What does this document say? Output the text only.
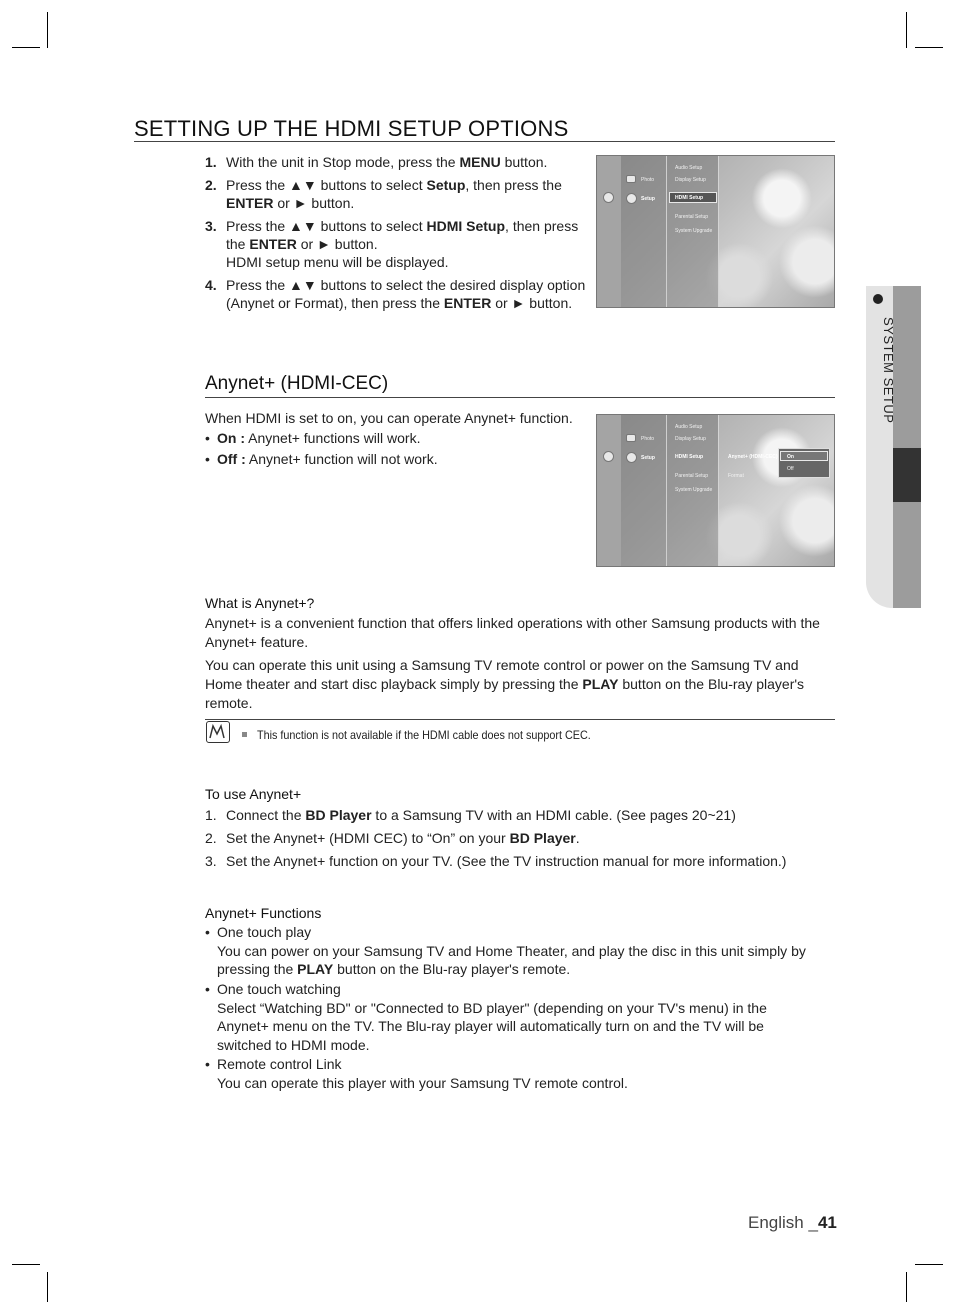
SETTING UP THE HDMI SETUP OPTIONS
1. With the unit in Stop mode, press the MENU button.
2. Press the ▲▼ buttons to select Setup, then press the ENTER or ► button.
3. Press the ▲▼ buttons to select HDMI Setup, then press the ENTER or ► button.
HDMI setup menu will be displayed.
4. Press the ▲▼ buttons to select the desired display option (Anynet or Format), then press the ENTER or ► button.
Photo
Setup
Audio Setup
Display Setup
HDMI Setup
Parental Setup
System Upgrade
Anynet+ (HDMI-CEC)
When HDMI is set to on, you can operate Anynet+ function.
• On : Anynet+ functions will work.
• Off : Anynet+ function will not work.
Photo
Setup
Audio Setup
Display Setup
HDMI Setup
Parental Setup
System Upgrade
Anynet+ (HDMI-CEC)
Format
On
Off
What is Anynet+?
Anynet+ is a convenient function that offers linked operations with other Samsung products with the Anynet+ feature.
You can operate this unit using a Samsung TV remote control or power on the Samsung TV and Home theater and start disc playback simply by pressing the PLAY button on the Blu-ray player's remote.
This function is not available if the HDMI cable does not support CEC.
To use Anynet+
1. Connect the BD Player to a Samsung TV with an HDMI cable. (See pages 20~21)
2. Set the Anynet+ (HDMI CEC) to “On” on your BD Player.
3. Set the Anynet+ function on your TV. (See the TV instruction manual for more information.)
Anynet+ Functions
• One touch play
You can power on your Samsung TV and Home Theater, and play the disc in this unit simply by pressing the PLAY button on the Blu-ray player's remote.
• One touch watching
Select “Watching BD" or "Connected to BD player" (depending on your TV's menu) in the Anynet+ menu on the TV. The Blu-ray player will automatically turn on and the TV will be switched to HDMI mode.
• Remote control Link
You can operate this player with your Samsung TV remote control.
SYSTEM SETUP
English _41
